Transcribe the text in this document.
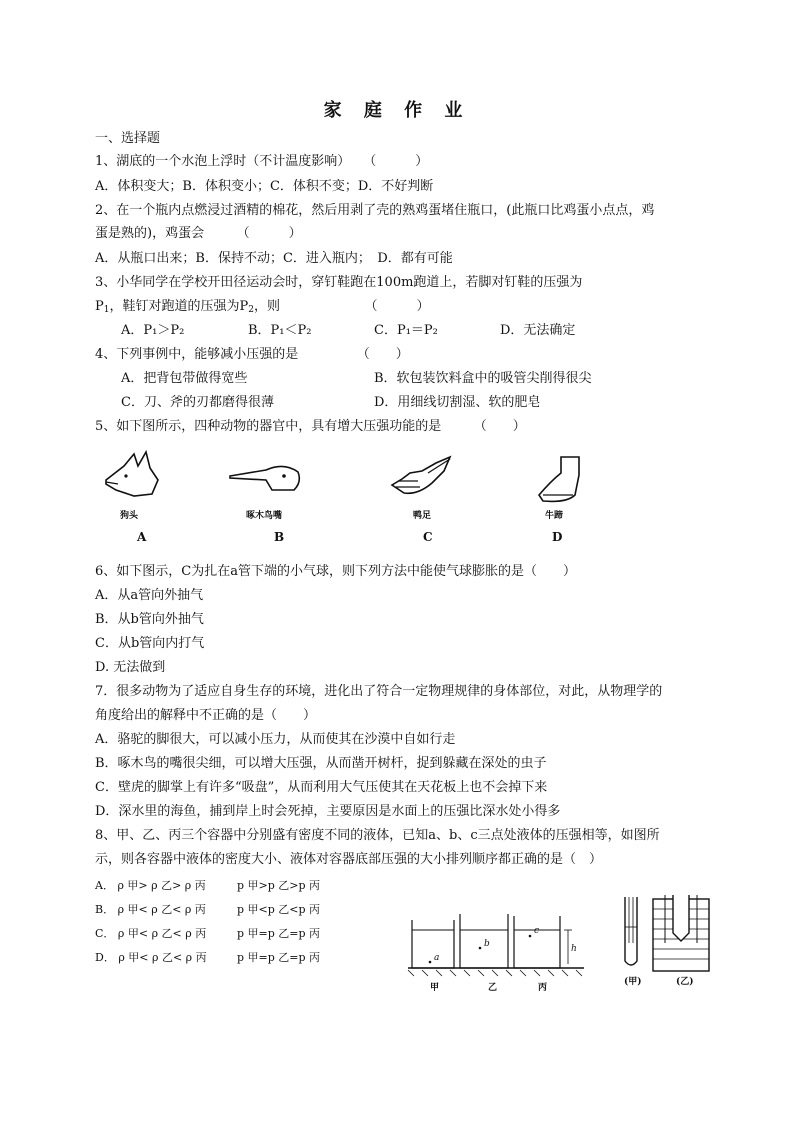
家 庭 作 业
一、选择题
1、湖底的一个水泡上浮时（不计温度影响）　　（　　　）
A．体积变大；B．体积变小；C．体积不变；D．不好判断
2、在一个瓶内点燃浸过酒精的棉花，然后用剥了壳的熟鸡蛋堵住瓶口，(此瓶口比鸡蛋小点点，鸡
蛋是熟的)，鸡蛋会　　　（　　　）
A．从瓶口出来；B．保持不动；C．进入瓶内；　D．都有可能
3、小华同学在学校开田径运动会时，穿钉鞋跑在100m跑道上，若脚对钉鞋的压强为
$P_1$，鞋钉对跑道的压强为$P_2$，则　　　　　　　（　　　）
A．P₁＞P₂	B．P₁＜P₂	C．P₁＝P₂	D．无法确定
4、下列事例中，能够减小压强的是　　　　　（　　）
A．把背包带做得宽些	B．软包装饮料盒中的吸管尖削得很尖
C．刀、斧的刃都磨得很薄	D．用细线切割湿、软的肥皂
5、如下图所示，四种动物的器官中，具有增大压强功能的是　　　（　　）
狗头	啄木鸟嘴	鸭足	牛蹄
A	B	C	D
6、如下图示，C为扎在a管下端的小气球，则下列方法中能使气球膨胀的是（　　）
A．从a管向外抽气
B．从b管向外抽气
C．从b管向内打气
D. 无法做到
7．很多动物为了适应自身生存的环境，进化出了符合一定物理规律的身体部位，对此，从物理学的
角度给出的解释中不正确的是（　　）
A．骆驼的脚很大，可以减小压力，从而使其在沙漠中自如行走
B．啄木鸟的嘴很尖细，可以增大压强，从而凿开树杆，捉到躲藏在深处的虫子
C．壁虎的脚掌上有许多“吸盘”，从而利用大气压使其在天花板上也不会掉下来
D．深水里的海鱼，捕到岸上时会死掉，主要原因是水面上的压强比深水处小得多
8、甲、乙、丙三个容器中分别盛有密度不同的液体，已知a、b、c三点处液体的压强相等，如图所
示，则各容器中液体的密度大小、液体对容器底部压强的大小排列顺序都正确的是（　）
A． ρ 甲> ρ 乙> ρ 丙	p 甲>p 乙>p 丙
B． ρ 甲< ρ 乙< ρ 丙	p 甲<p 乙<p 丙
C． ρ 甲< ρ 乙< ρ 丙	p 甲=p 乙=p 丙
D． ρ 甲< ρ 乙< ρ 丙	p 甲=p 乙=p 丙	a
b
c
h
甲	乙	丙
(甲)	(乙)
